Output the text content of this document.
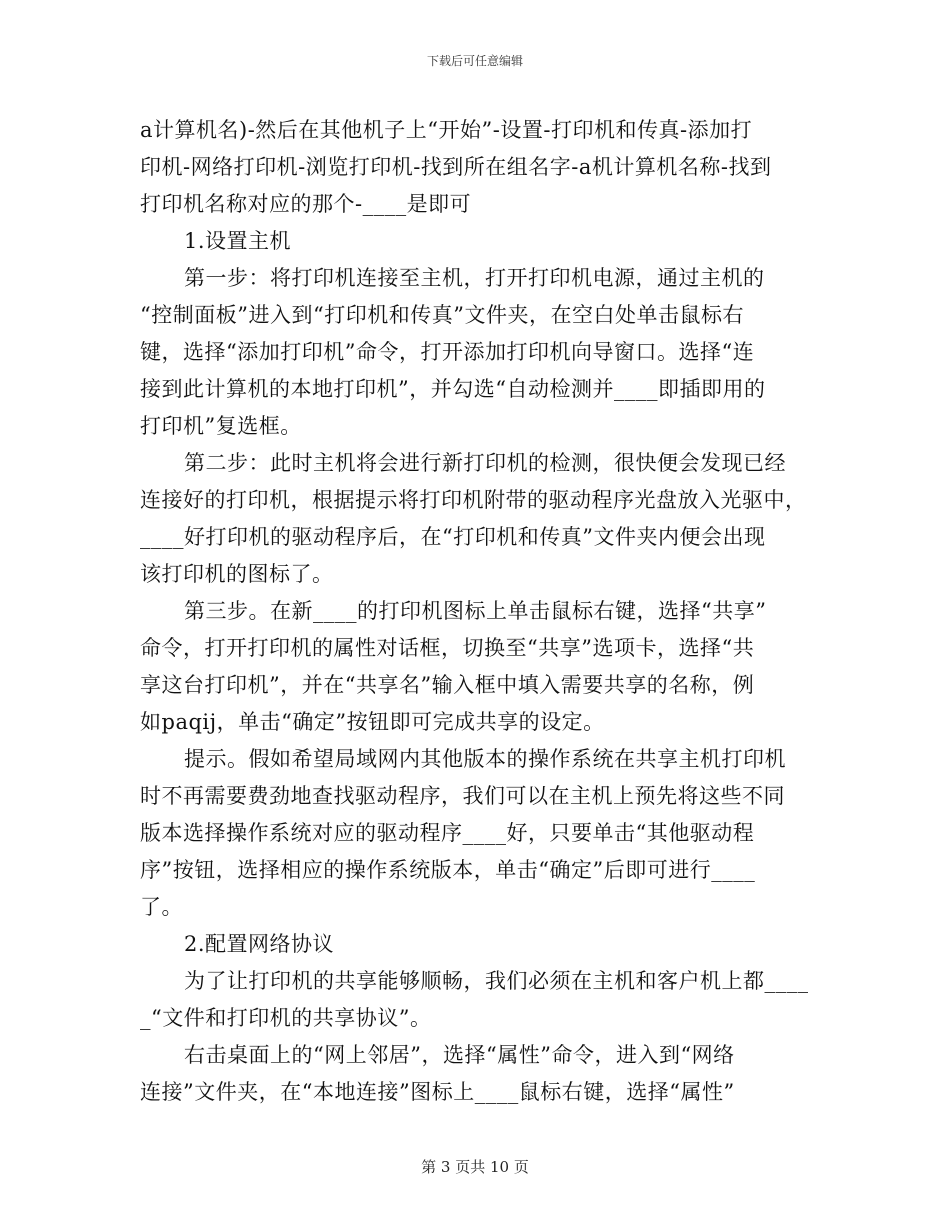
下载后可任意编辑

a计算机名)-然后在其他机子上“开始”-设置-打印机和传真-添加打
印机-网络打印机-浏览打印机-找到所在组名字-a机计算机名称-找到
打印机名称对应的那个-____是即可

1.设置主机

第一步：将打印机连接至主机，打开打印机电源，通过主机的
“控制面板”进入到“打印机和传真”文件夹，在空白处单击鼠标右
键，选择“添加打印机”命令，打开添加打印机向导窗口。选择“连
接到此计算机的本地打印机”，并勾选“自动检测并____即插即用的
打印机”复选框。

第二步：此时主机将会进行新打印机的检测，很快便会发现已经
连接好的打印机，根据提示将打印机附带的驱动程序光盘放入光驱中，
____好打印机的驱动程序后，在“打印机和传真”文件夹内便会出现
该打印机的图标了。

第三步。在新____的打印机图标上单击鼠标右键，选择“共享”
命令，打开打印机的属性对话框，切换至“共享”选项卡，选择“共
享这台打印机”，并在“共享名”输入框中填入需要共享的名称，例
如paqij，单击“确定”按钮即可完成共享的设定。

提示。假如希望局域网内其他版本的操作系统在共享主机打印机
时不再需要费劲地查找驱动程序，我们可以在主机上预先将这些不同
版本选择操作系统对应的驱动程序____好，只要单击“其他驱动程
序”按钮，选择相应的操作系统版本，单击“确定”后即可进行____
了。

2.配置网络协议

为了让打印机的共享能够顺畅，我们必须在主机和客户机上都____
_“文件和打印机的共享协议”。

右击桌面上的“网上邻居”，选择“属性”命令，进入到“网络
连接”文件夹，在“本地连接”图标上____鼠标右键，选择“属性”

第 3 页共 10 页
